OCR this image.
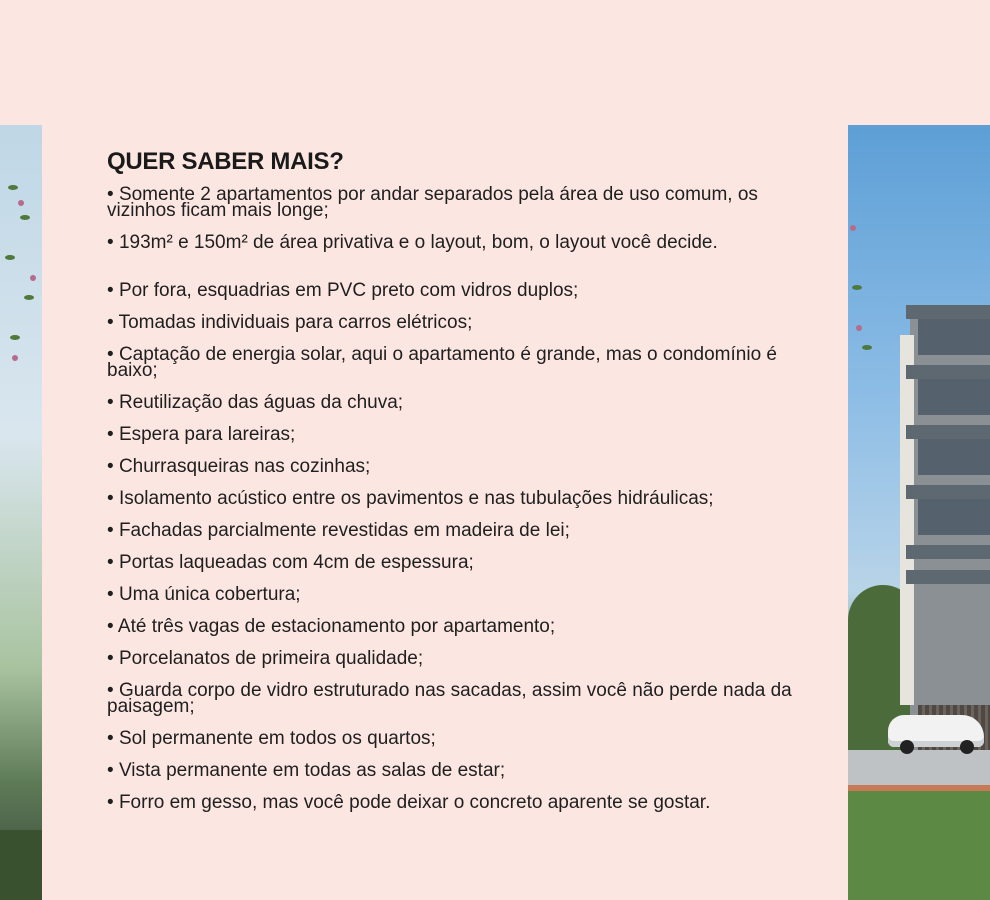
QUER SABER MAIS?
• Somente 2 apartamentos por andar separados pela área de uso comum, os vizinhos ficam mais longe;
• 193m² e 150m² de área privativa e o layout, bom, o layout você decide.
• Por fora, esquadrias em PVC preto com vidros duplos;
• Tomadas individuais para carros elétricos;
• Captação de energia solar, aqui o apartamento é grande, mas o condomínio é baixo;
• Reutilização das águas da chuva;
• Espera para lareiras;
• Churrasqueiras nas cozinhas;
• Isolamento acústico entre os pavimentos e nas tubulações hidráulicas;
• Fachadas parcialmente revestidas em madeira de lei;
• Portas laqueadas com 4cm de espessura;
• Uma única cobertura;
• Até três vagas de estacionamento por apartamento;
• Porcelanatos de primeira qualidade;
• Guarda corpo de vidro estruturado nas sacadas, assim você não perde nada da paisagem;
• Sol permanente em todos os quartos;
• Vista permanente em todas as salas de estar;
• Forro em gesso, mas você pode deixar o concreto aparente se gostar.
